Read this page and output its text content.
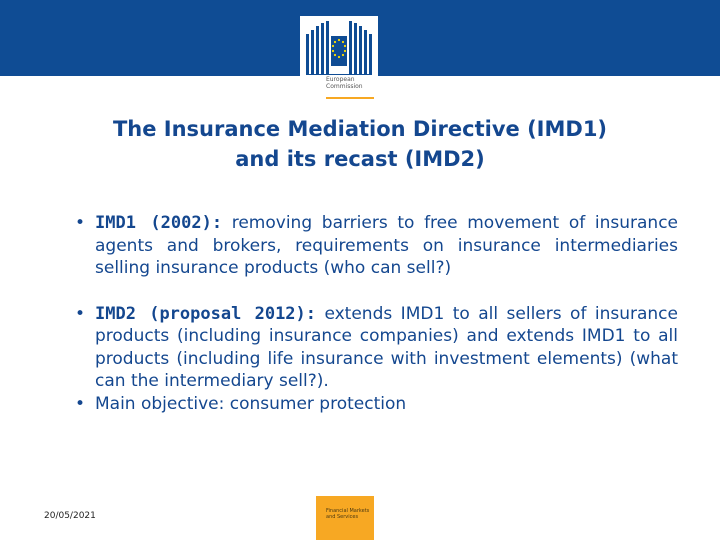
European
Commission
The Insurance Mediation Directive (IMD1)
and its recast (IMD2)
• IMD1 (2002): removing barriers to free movement of insurance agents and brokers, requirements on insurance intermediaries selling insurance products (who can sell?)
• IMD2 (proposal 2012): extends IMD1 to all sellers of insurance products (including insurance companies) and extends IMD1 to all products (including life insurance with investment elements) (what can the intermediary sell?).
• Main objective: consumer protection
20/05/2021	Financial Markets
and Services
